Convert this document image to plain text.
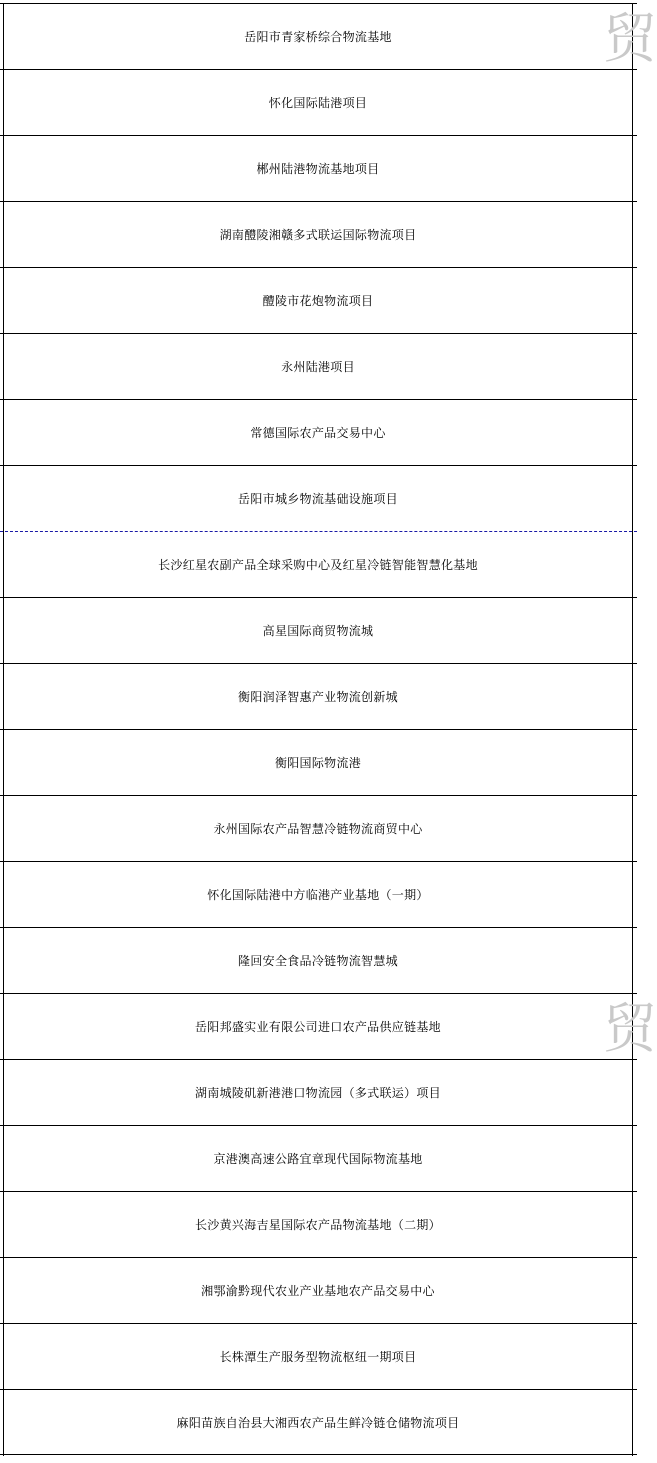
岳阳市青家桥综合物流基地
怀化国际陆港项目
郴州陆港物流基地项目
湖南醴陵湘赣多式联运国际物流项目
醴陵市花炮物流项目
永州陆港项目
常德国际农产品交易中心
岳阳市城乡物流基础设施项目
长沙红星农副产品全球采购中心及红星冷链智能智慧化基地
高星国际商贸物流城
衡阳润泽智惠产业物流创新城
衡阳国际物流港
永州国际农产品智慧冷链物流商贸中心
怀化国际陆港中方临港产业基地（一期）
隆回安全食品冷链物流智慧城
岳阳邦盛实业有限公司进口农产品供应链基地
湖南城陵矶新港港口物流园（多式联运）项目
京港澳高速公路宜章现代国际物流基地
长沙黄兴海吉星国际农产品物流基地（二期）
湘鄂渝黔现代农业产业基地农产品交易中心
长株潭生产服务型物流枢纽一期项目
麻阳苗族自治县大湘西农产品生鲜冷链仓储物流项目
贸
贸
